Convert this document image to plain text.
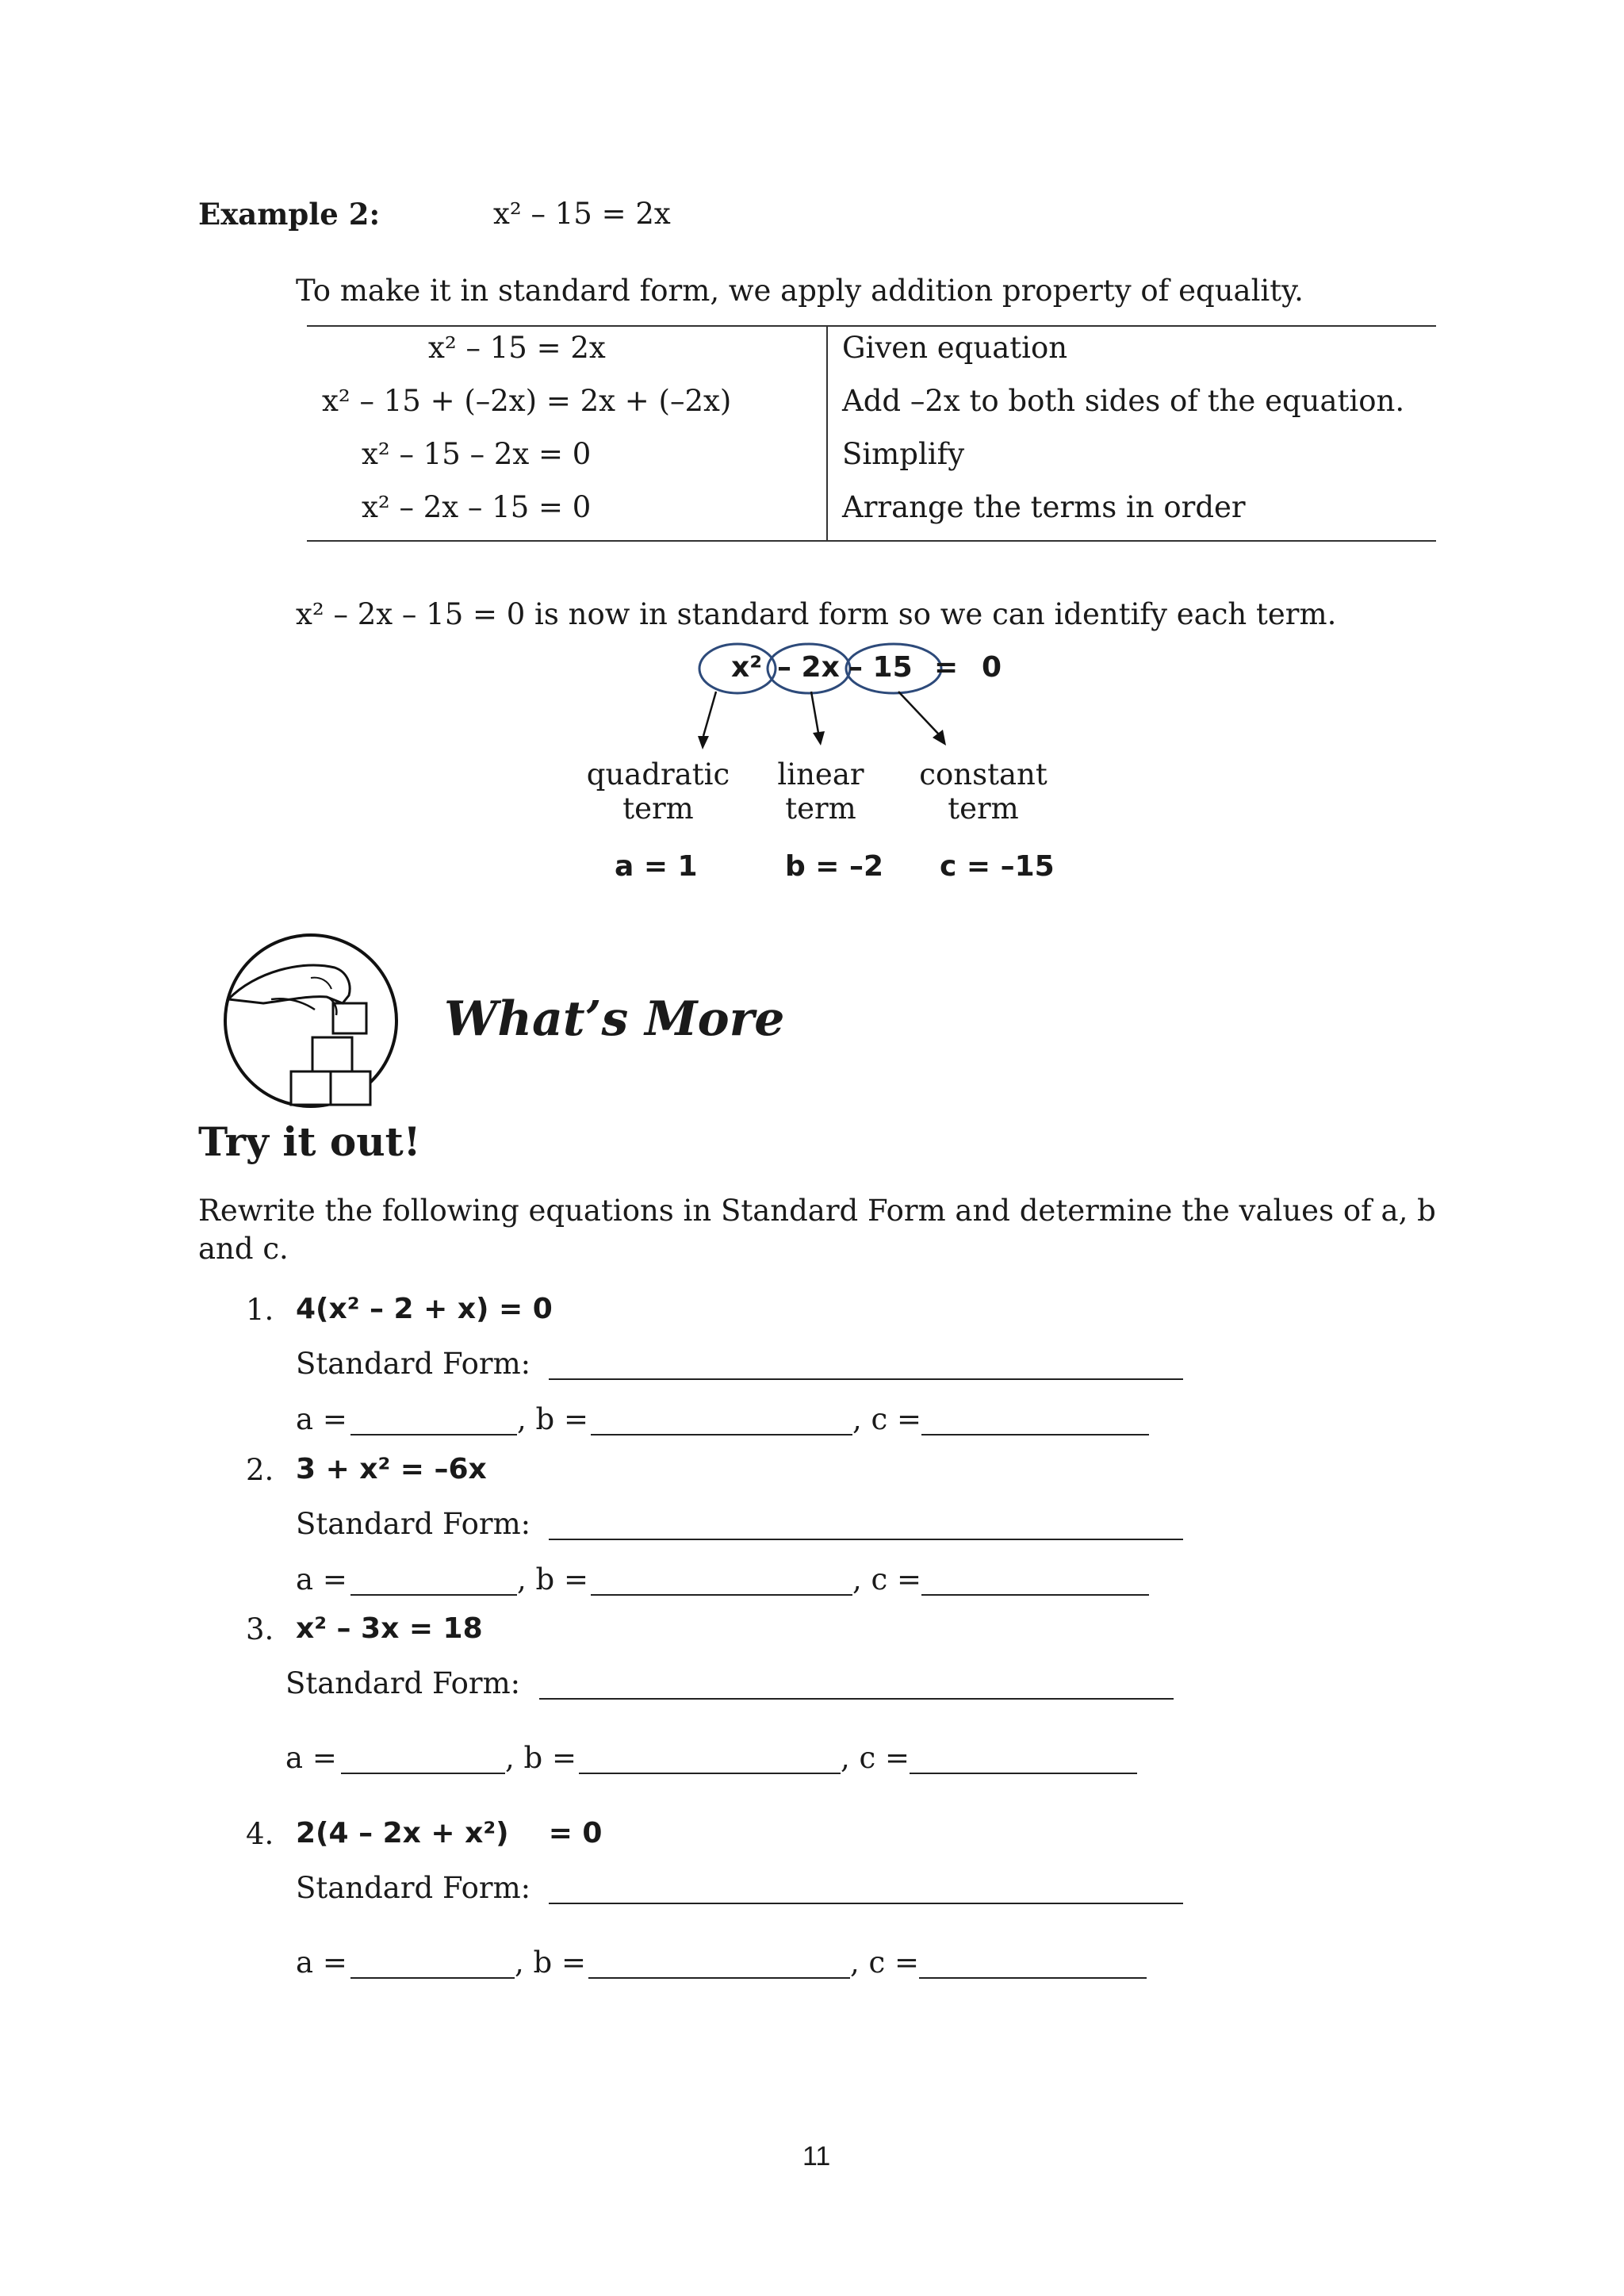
Example 2:	x² – 15 = 2x
To make it in standard form, we apply addition property of equality.
x² – 15 = 2x	Given equation
x² – 15 + (–2x) = 2x + (–2x)	Add –2x to both sides of the equation.
x² – 15 – 2x = 0	Simplify
x² – 2x – 15 = 0	Arrange the terms in order
x² – 2x – 15 = 0 is now in standard form so we can identify each term.
x² – 2x – 15 = 0
quadratic
term
linear
term
constant
term
a = 1	b = –2 c = –15
What’s More
Try it out!
Rewrite the following equations in Standard Form and determine the values of a, b
and c.
1. 4(x² – 2 + x) = 0
Standard Form:
a =	, b =	, c =
2. 3 + x² = –6x
Standard Form:
a =	, b =	, c =
3. x² – 3x = 18
Standard Form:
a =	, b =	, c =
4. 2(4 – 2x + x²)    = 0
Standard Form:
a =	, b =	, c =
11
